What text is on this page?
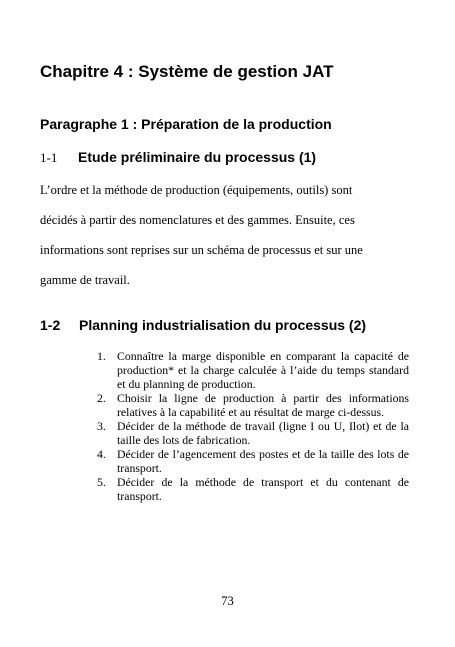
Chapitre 4 : Système de gestion JAT
Paragraphe 1 : Préparation de la production
1-1 Etude préliminaire du processus (1)
L’ordre et la méthode de production (équipements, outils) sont
décidés à partir des nomenclatures et des gammes. Ensuite, ces
informations sont reprises sur un schéma de processus et sur une
gamme de travail.
1-2 Planning industrialisation du processus (2)
1. Connaître la marge disponible en comparant la capacité de production* et la charge calculée à l’aide du temps standard et du planning de production.
2. Choisir la ligne de production à partir des informations relatives à la capabilité et au résultat de marge ci-dessus.
3. Décider de la méthode de travail (ligne I ou U, Ilot) et de la taille des lots de fabrication.
4. Décider de l’agencement des postes et de la taille des lots de transport.
5. Décider de la méthode de transport et du contenant de transport.
73
